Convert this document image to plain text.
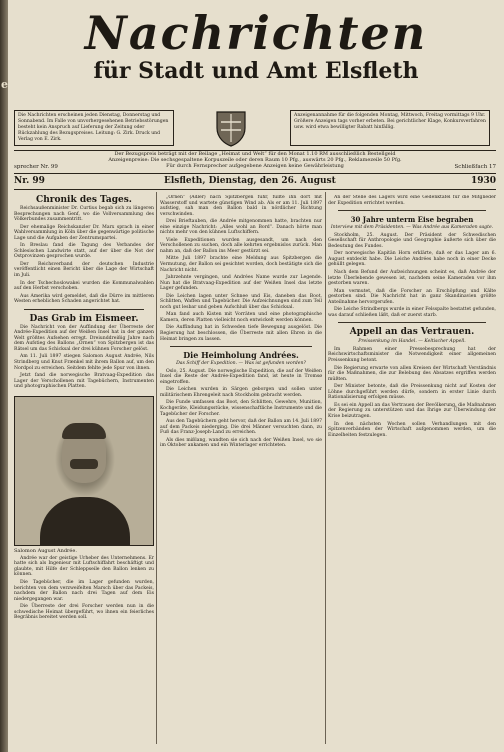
e
Nachrichten
für Stadt und Amt Elsfleth
Die Nachrichten erscheinen jeden Dienstag, Donnerstag und Sonnabend. Im Falle von unvorhergesehenen Betriebsstörungen besteht kein Anspruch auf Lieferung der Zeitung oder Rückzahlung des Bezugspreises. Leitung: G. Zirk. Druck und Verlag von E. Zirk.
Anzeigenannahme für die folgenden Montag, Mittwoch, Freitag vormittags 9 Uhr. Größere Anzeigen tags vorher erbeten. Bei gerichtlicher Klage, Konkursverfahren usw. wird etwa bewilligter Rabatt hinfällig.
Der Bezugspreis beträgt mit der Beilage „Heimat und Welt“ für den Monat 1.10 RM ausschließlich Bestellgeld
Anzeigenpreise: Die sechsgespaltene Korpuszeile oder deren Raum 10 Pfg., auswärts 20 Pfg., Reklamezeile 50 Pfg.
Für durch Fernsprecher aufgegebene Anzeigen keine Gewährleistung
sprecher Nr. 99	Schließfach 17
Nr. 99	Elsfleth, Dienstag, den 26. August	1930
Chronik des Tages.

Reichsaußenminister Dr. Curtius begab sich zu längeren Besprechungen nach Genf, wo die Vollversammlung des Völkerbundes zusammentritt.

Der ehemalige Reichskanzler Dr. Marx sprach in einer Wahlversammlung in Köln über die gegenwärtige politische Lage und die Aufgaben der Zentrumspartei.

In Breslau fand die Tagung des Verbandes der Schlesischen Landwirte statt, auf der über die Not der Ostprovinzen gesprochen wurde.

Der Reichsverband der deutschen Industrie veröffentlicht einen Bericht über die Lage der Wirtschaft im Juli.

In der Tschechoslowakei wurden die Kommunalwahlen auf den Herbst verschoben.

Aus Amerika wird gemeldet, daß die Dürre im mittleren Westen erheblichen Schaden angerichtet hat.

Das Grab im Eismeer.

Die Nachricht von der Auffindung der Überreste der Andrée-Expedition auf der Weißen Insel hat in der ganzen Welt größtes Aufsehen erregt. Dreiunddreißig Jahre nach dem Aufstieg des Ballons „Örnen“ von Spitzbergen ist das Rätsel um das Schicksal der drei kühnen Forscher gelöst.

Am 11. Juli 1897 stiegen Salomon August Andrée, Nils Strindberg und Knut Frænkel mit ihrem Ballon auf, um den Nordpol zu erreichen. Seitdem fehlte jede Spur von ihnen.

Jetzt fand die norwegische Bratvaag-Expedition das Lager der Verschollenen mit Tagebüchern, Instrumenten und photographischen Platten.

Salomon August Andrée.

Andrée war der geistige Urheber des Unternehmens. Er hatte sich als Ingenieur mit Luftschiffahrt beschäftigt und glaubte, mit Hilfe der Schleppseile den Ballon lenken zu können.

Die Tagebücher, die im Lager gefunden wurden, berichten von dem verzweifelten Marsch über das Packeis, nachdem der Ballon nach drei Tagen auf dem Eis niedergegangen war.

Die Überreste der drei Forscher werden nun in die schwedische Heimat übergeführt, wo ihnen ein feierliches Begräbnis bereitet werden soll.

„Örnen“ (Adler) nach Spitzbergen fuhr, füllte ihn dort mit Wasserstoff und wartete günstigen Wind ab. Als er am 11. Juli 1897 aufstieg, sah man den Ballon bald in nördlicher Richtung verschwinden.

Drei Brieftauben, die Andrée mitgenommen hatte, brachten nur eine einzige Nachricht: „Alles wohl an Bord“. Danach hörte man nichts mehr von den kühnen Luftschiffern.

Viele Expeditionen wurden ausgesandt, um nach den Verschollenen zu suchen, doch alle kehrten ergebnislos zurück. Man nahm an, daß der Ballon ins Meer gestürzt sei.

Mitte Juli 1897 brachte eine Meldung aus Spitzbergen die Vermutung, der Ballon sei gesichtet worden, doch bestätigte sich die Nachricht nicht.

Jahrzehnte vergingen, und Andrées Name wurde zur Legende. Nun hat die Bratvaag-Expedition auf der Weißen Insel das letzte Lager gefunden.

Die Leichen lagen unter Schnee und Eis, daneben das Boot, Schlitten, Waffen und Tagebücher. Die Aufzeichnungen sind zum Teil noch gut lesbar und geben Aufschluß über das Schicksal.

Man fand auch Kisten mit Vorräten und eine photographische Kamera, deren Platten vielleicht noch entwickelt werden können.

Die Auffindung hat in Schweden tiefe Bewegung ausgelöst. Die Regierung hat beschlossen, die Überreste mit allen Ehren in die Heimat bringen zu lassen.

Die Heimholung Andrées.
Das Schiff der Expedition. — Was ist gefunden worden?

Oslo, 25. August. Die norwegische Expedition, die auf der Weißen Insel die Reste der Andrée-Expedition fand, ist heute in Tromsø eingetroffen.

Die Leichen wurden in Särgen geborgen und sollen unter militärischem Ehrengeleit nach Stockholm gebracht werden.

Die Funde umfassen das Boot, den Schlitten, Gewehre, Munition, Kochgeräte, Kleidungsstücke, wissenschaftliche Instrumente und die Tagebücher der Forscher.

Aus den Tagebüchern geht hervor, daß der Ballon am 14. Juli 1897 auf dem Packeis niederging. Die drei Männer versuchten dann, zu Fuß das Franz-Joseph-Land zu erreichen.

Als dies mißlang, wandten sie sich nach der Weißen Insel, wo sie im Oktober ankamen und ein Winterlager errichteten.

An der Stelle des Lagers wird eine Gedenktafel für die Mitglieder der Expedition errichtet werden.

30 Jahre unterm Eise begraben
Interview mit dem Präsidenten. — Was Andrée aus Kameraden sagte.

Stockholm, 25. August. Der Präsident der Schwedischen Gesellschaft für Anthropologie und Geographie äußerte sich über die Bedeutung des Fundes.

Der norwegische Kapitän Horn erklärte, daß er das Lager am 6. August entdeckt habe. Die Leiche Andrées habe noch in einer Decke gehüllt gelegen.

Nach dem Befund der Aufzeichnungen scheint es, daß Andrée der letzte Überlebende gewesen ist, nachdem seine Kameraden vor ihm gestorben waren.

Man vermutet, daß die Forscher an Erschöpfung und Kälte gestorben sind. Die Nachricht hat in ganz Skandinavien größte Anteilnahme hervorgerufen.

Die Leiche Strindbergs wurde in einer Felsspalte bestattet gefunden, was darauf schließen läßt, daß er zuerst starb.

Appell an das Vertrauen.
Preissenkung im Handel. — Keltischer Appell.

Im Rahmen einer Pressebesprechung hat der Reichswirtschaftsminister die Notwendigkeit einer allgemeinen Preissenkung betont.

Die Regierung erwarte von allen Kreisen der Wirtschaft Verständnis für die Maßnahmen, die zur Belebung des Absatzes ergriffen werden müßten.

Der Minister betonte, daß die Preissenkung nicht auf Kosten der Löhne durchgeführt werden dürfe, sondern in erster Linie durch Rationalisierung erfolgen müsse.

Es sei ein Appell an das Vertrauen der Bevölkerung, die Maßnahmen der Regierung zu unterstützen und das Ihrige zur Überwindung der Krise beizutragen.

In den nächsten Wochen sollen Verhandlungen mit den Spitzenverbänden der Wirtschaft aufgenommen werden, um die Einzelheiten festzulegen.
